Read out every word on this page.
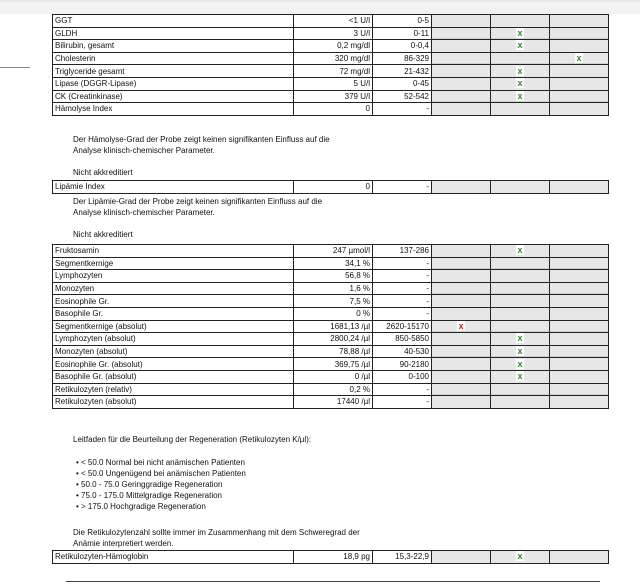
GGT	<1 U/l	0-5			
GLDH	3 U/l	0-11		x	
Bilirubin, gesamt	0,2 mg/dl	0-0,4		x	
Cholesterin	320 mg/dl	86-329			x
Triglyceride gesamt	72 mg/dl	21-432		x	
Lipase (DGGR-Lipase)	5 U/l	0-45		x	
CK (Creatinkinase)	379 U/l	52-542		x	
Hämolyse Index	0	-			
Der Hämolyse-Grad der Probe zeigt keinen signifikanten Einfluss auf die
Analyse klinisch-chemischer Parameter.
Nicht akkreditiert
Lipämie Index	0	-			
Der Lipämie-Grad der Probe zeigt keinen signifikanten Einfluss auf die
Analyse klinisch-chemischer Parameter.
Nicht akkreditiert
Fruktosamin	247 µmol/l	137-286		x	
Segmentkernige	34,1 %	-			
Lymphozyten	56,8 %	-			
Monozyten	1,6 %	-			
Eosinophile Gr.	7,5 %	-			
Basophile Gr.	0 %	-			
Segmentkernige (absolut)	1681,13 /µl	2620-15170	x		
Lymphozyten (absolut)	2800,24 /µl	850-5850		x	
Monozyten (absolut)	78,88 /µl	40-530		x	
Eosinophile Gr. (absolut)	369,75 /µl	90-2180		x	
Basophile Gr. (absolut)	0 /µl	0-100		x	
Retikulozyten (relativ)	0,2 %	-			
Retikulozyten (absolut)	17440 /µl	-			
Leitfaden für die Beurteilung der Regeneration (Retikulozyten K/µl):
• < 50.0 Normal bei nicht anämischen Patienten
• < 50.0 Ungenügend bei anämischen Patienten
• 50.0 - 75.0 Geringgradige Regeneration
• 75.0 - 175.0 Mittelgradige Regeneration
• > 175.0 Hochgradige Regeneration
Die Retikulozytenzahl sollte immer im Zusammenhang mit dem Schweregrad der
Anämie interpretiert werden.
Retikulozyten-Hämoglobin	18,9 pg	15,3-22,9		x	
